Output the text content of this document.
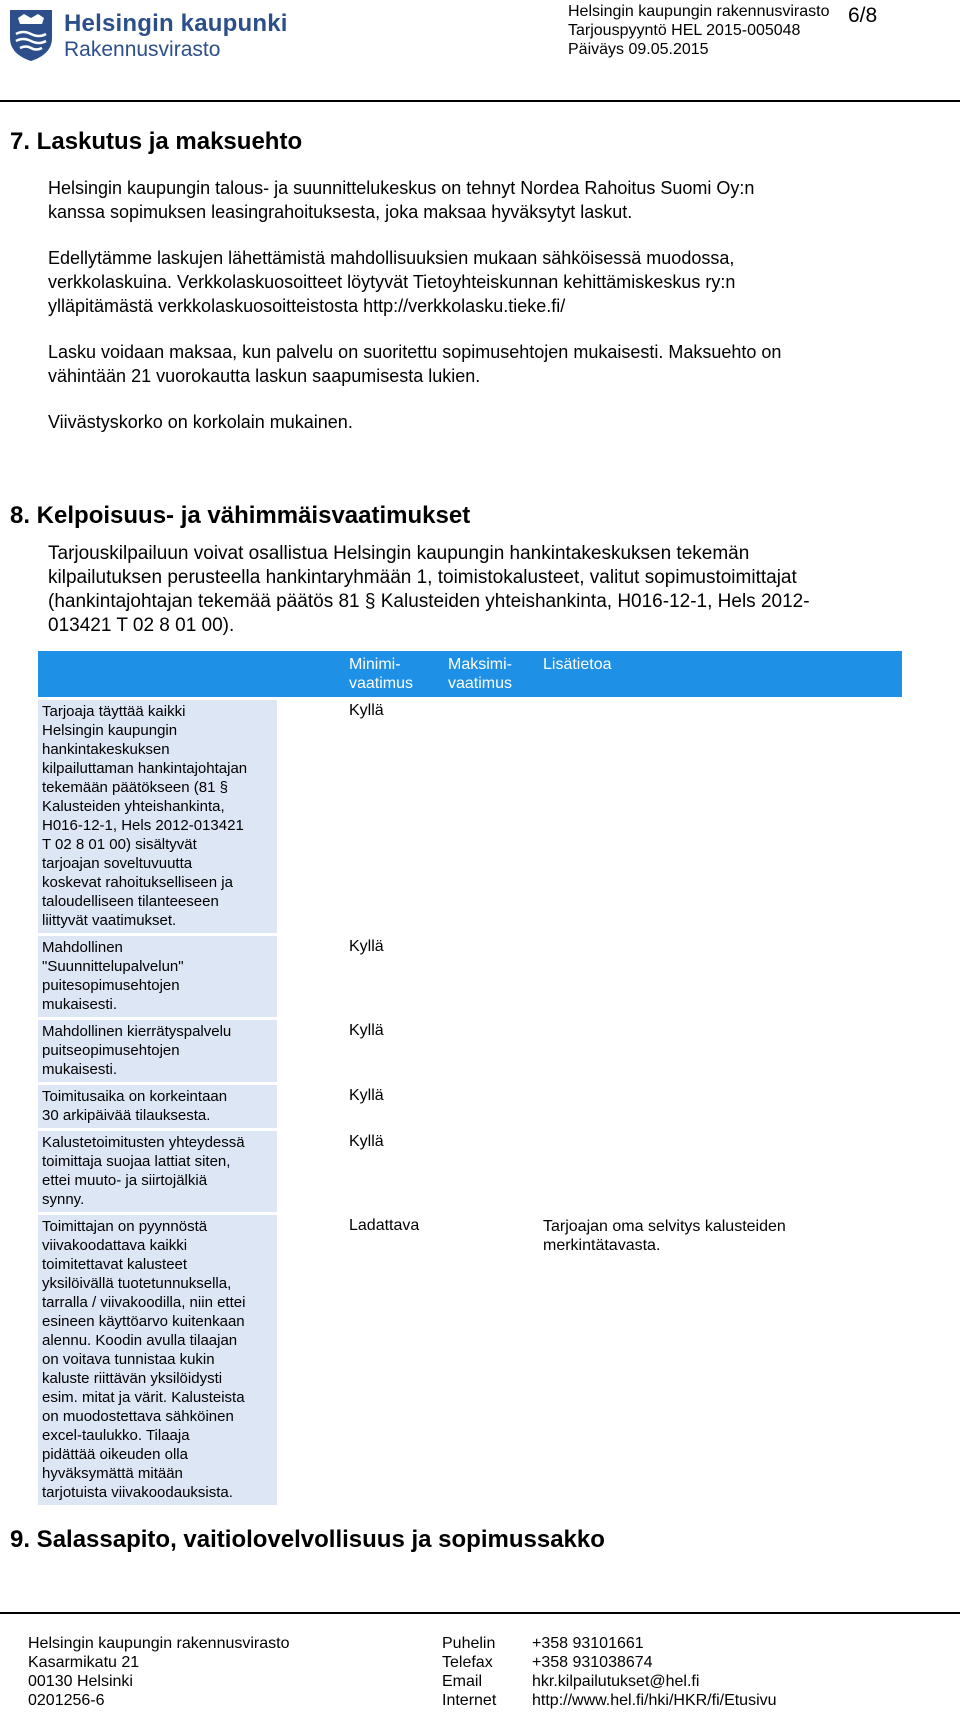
Helsingin kaupunki
Rakennusvirasto
Helsingin kaupungin rakennusvirasto
Tarjouspyyntö HEL 2015-005048
Päiväys 09.05.2015
6/8
7. Laskutus ja maksuehto
Helsingin kaupungin talous- ja suunnittelukeskus on tehnyt Nordea Rahoitus Suomi Oy:n
kanssa sopimuksen leasingrahoituksesta, joka maksaa hyväksytyt laskut.
Edellytämme laskujen lähettämistä mahdollisuuksien mukaan sähköisessä muodossa,
verkkolaskuina. Verkkolaskuosoitteet löytyvät Tietoyhteiskunnan kehittämiskeskus ry:n
ylläpitämästä verkkolaskuosoitteistosta http://verkkolasku.tieke.fi/
Lasku voidaan maksaa, kun palvelu on suoritettu sopimusehtojen mukaisesti. Maksuehto on
vähintään 21 vuorokautta laskun saapumisesta lukien.
Viivästyskorko on korkolain mukainen.
8. Kelpoisuus- ja vähimmäisvaatimukset
Tarjouskilpailuun voivat osallistua Helsingin kaupungin hankintakeskuksen tekemän
kilpailutuksen perusteella hankintaryhmään 1, toimistokalusteet, valitut sopimustoimittajat
(hankintajohtajan tekemää päätös 81 § Kalusteiden yhteishankinta, H016-12-1, Hels 2012-
013421 T 02 8 01 00).
Minimi-
vaatimus
Maksimi-
vaatimus
Lisätietoa
Tarjoaja täyttää kaikki
Helsingin kaupungin
hankintakeskuksen
kilpailuttaman hankintajohtajan
tekemään päätökseen (81 §
Kalusteiden yhteishankinta,
H016-12-1, Hels 2012-013421
T 02 8 01 00) sisältyvät
tarjoajan soveltuvuutta
koskevat rahoitukselliseen ja
taloudelliseen tilanteeseen
liittyvät vaatimukset.
Kyllä
Mahdollinen
"Suunnittelupalvelun"
puitesopimusehtojen
mukaisesti.
Kyllä
Mahdollinen kierrätyspalvelu
puitseopimusehtojen
mukaisesti.
Kyllä
Toimitusaika on korkeintaan
30 arkipäivää tilauksesta.
Kyllä
Kalustetoimitusten yhteydessä
toimittaja suojaa lattiat siten,
ettei muuto- ja siirtojälkiä
synny.
Kyllä
Toimittajan on pyynnöstä
viivakoodattava kaikki
toimitettavat kalusteet
yksilöivällä tuotetunnuksella,
tarralla / viivakoodilla, niin ettei
esineen käyttöarvo kuitenkaan
alennu. Koodin avulla tilaajan
on voitava tunnistaa kukin
kaluste riittävän yksilöidysti
esim. mitat ja värit. Kalusteista
on muodostettava sähköinen
excel-taulukko. Tilaaja
pidättää oikeuden olla
hyväksymättä mitään
tarjotuista viivakoodauksista.
Ladattava	Tarjoajan oma selvitys kalusteiden
merkintätavasta.
9. Salassapito, vaitiolovelvollisuus ja sopimussakko
Helsingin kaupungin rakennusvirasto
Kasarmikatu 21
00130 Helsinki
0201256-6
Puhelin
Telefax
Email
Internet
+358 93101661
+358 931038674
hkr.kilpailutukset@hel.fi
http://www.hel.fi/hki/HKR/fi/Etusivu
